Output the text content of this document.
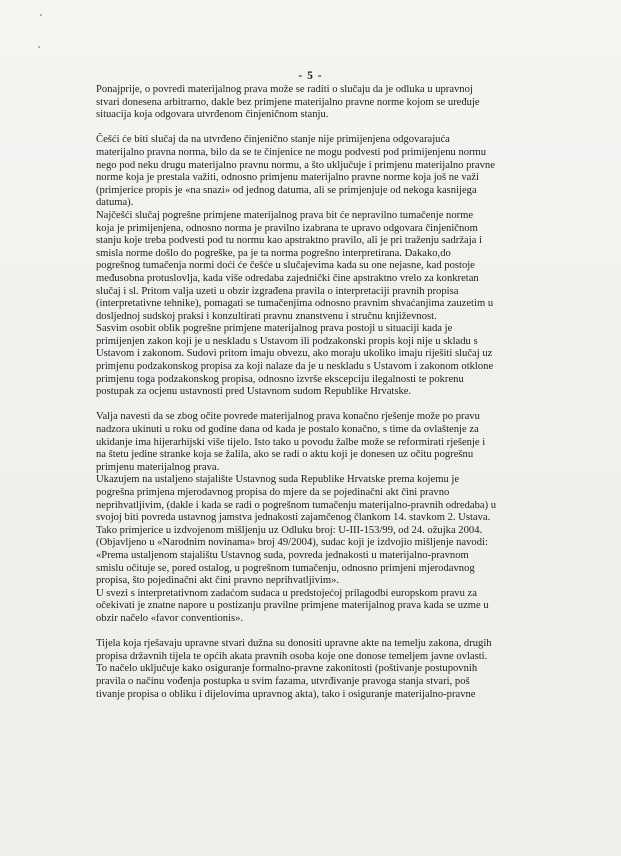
- 5 -

Ponajprije, o povredi materijalnog prava može se raditi o slučaju da je odluka u upravnoj
stvari donesena arbitrarno, dakle bez primjene materijalno pravne norme kojom se uređuje
situacija koja odgovara utvrđenom činjeničnom stanju.

Češći će biti slučaj da na utvrđeno činjenično stanje nije primijenjena odgovarajuća
materijalno pravna norma, bilo da se te činjenice ne mogu podvesti pod primijenjenu normu
nego pod neku drugu materijalno pravnu normu, a što uključuje i primjenu materijalno pravne
norme koja je prestala važiti, odnosno primjenu materijalno pravne norme koja još ne važi
(primjerice propis je «na snazi» od jednog datuma, ali se primjenjuje od nekoga kasnijega
datuma).
Najčešći slučaj pogrešne primjene materijalnog prava bit će nepravilno tumačenje norme
koja je primijenjena, odnosno norma je pravilno izabrana te upravo odgovara činjeničnom
stanju koje treba podvesti pod tu normu kao apstraktno pravilo, ali je pri traženju sadržaja i
smisla norme došlo do pogreške, pa je ta norma pogrešno interpretirana. Dakako,do
pogrešnog tumačenja normi doći će češće u slučajevima kada su one nejasne, kad postoje
međusobna protuslovlja, kada više odredaba zajednički čine apstraktno vrelo za konkretan
slučaj i sl. Pritom valja uzeti u obzir izgrađena pravila o interpretaciji pravnih propisa
(interpretativne tehnike), pomagati se tumačenjima odnosno pravnim shvaćanjima zauzetim u
dosljednoj sudskoj praksi i konzultirati pravnu znanstvenu i stručnu književnost.
Sasvim osobit oblik pogrešne primjene materijalnog prava postoji u situaciji kada je
primijenjen zakon koji je u neskladu s Ustavom ili podzakonski propis koji nije u skladu s
Ustavom i zakonom. Sudovi pritom imaju obvezu, ako moraju ukoliko imaju riješiti slučaj uz
primjenu podzakonskog propisa za koji nalaze da je u neskladu s Ustavom i zakonom otklone
primjenu toga podzakonskog propisa, odnosno izvrše ekscepciju ilegalnosti te pokrenu
postupak za ocjenu ustavnosti pred Ustavnom sudom Republike Hrvatske.

Valja navesti da se zbog očite povrede materijalnog prava konačno rješenje može po pravu
nadzora ukinuti u roku od godine dana od kada je postalo konačno, s time da ovlaštenje za
ukidanje ima hijerarhijski više tijelo. Isto tako u povodu žalbe može se reformirati rješenje i
na štetu jedine stranke koja se žalila, ako se radi o aktu koji je donesen uz očitu pogrešnu
primjenu materijalnog prava.
Ukazujem na ustaljeno stajalište Ustavnog suda Republike Hrvatske prema kojemu je
pogrešna primjena mjerodavnog propisa do mjere da se pojedinačni akt čini pravno
neprihvatljivim, (dakle i kada se radi o pogrešnom tumačenju materijalno-pravnih odredaba) u
svojoj biti povreda ustavnog jamstva jednakosti zajamčenog člankom 14. stavkom 2. Ustava.
Tako primjerice u izdvojenom mišljenju uz Odluku broj: U-III-153/99, od 24. ožujka 2004.
(Objavljeno u «Narodnim novinama» broj 49/2004), sudac koji je izdvojio mišljenje navodi:
«Prema ustaljenom stajalištu Ustavnog suda, povreda jednakosti u materijalno-pravnom
smislu očituje se, pored ostalog, u pogrešnom tumačenju, odnosno primjeni mjerodavnog
propisa, što pojedinačni akt čini pravno neprihvatljivim».
U svezi s interpretativnom zadaćom sudaca u predstojećoj prilagodbi europskom pravu za
očekivati je znatne napore u postizanju pravilne primjene materijalnog prava kada se uzme u
obzir načelo «favor conventionis».

Tijela koja rješavaju upravne stvari dužna su donositi upravne akte na temelju zakona, drugih
propisa državnih tijela te općih akata pravnih osoba koje one donose temeljem javne ovlasti.
To načelo uključuje kako osiguranje formalno-pravne zakonitosti (poštivanje postupovnih
pravila o načinu vođenja postupka u svim fazama, utvrđivanje pravoga stanja stvari, poš
tivanje propisa o obliku i dijelovima upravnog akta), tako i osiguranje materijalno-pravne
